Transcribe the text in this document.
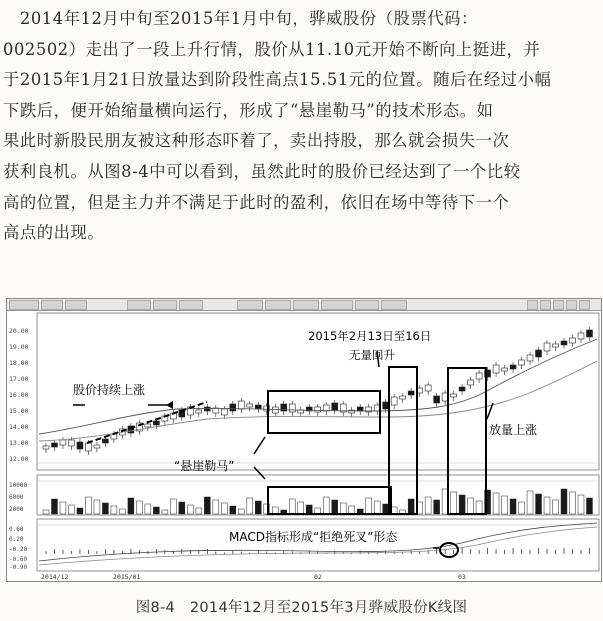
　2014年12月中旬至2015年1月中旬，骅威股份（股票代码：
002502）走出了一段上升行情，股价从11.10元开始不断向上挺进，并
于2015年1月21日放量达到阶段性高点15.51元的位置。随后在经过小幅
下跌后，便开始缩量横向运行，形成了“悬崖勒马”的技术形态。如
果此时新股民朋友被这种形态吓着了，卖出持股，那么就会损失一次
获利良机。从图8-4中可以看到，虽然此时的股价已经达到了一个比较
高的位置，但是主力并不满足于此时的盈利，依旧在场中等待下一个
高点的出现。
20.00
19.00
18.00
17.00
16.00
15.00
14.00
13.00
12.00
10000
6000
2000
0.60
0.20
-0.20
-0.60
-0.90
股价持续上涨
2015年2月13日至16日
无量回升
放量上涨
“悬崖勒马”
MACD指标形成“拒绝死叉”形态
2014/12	2015/01	02	03
图8-4　2014年12月至2015年3月骅威股份K线图
